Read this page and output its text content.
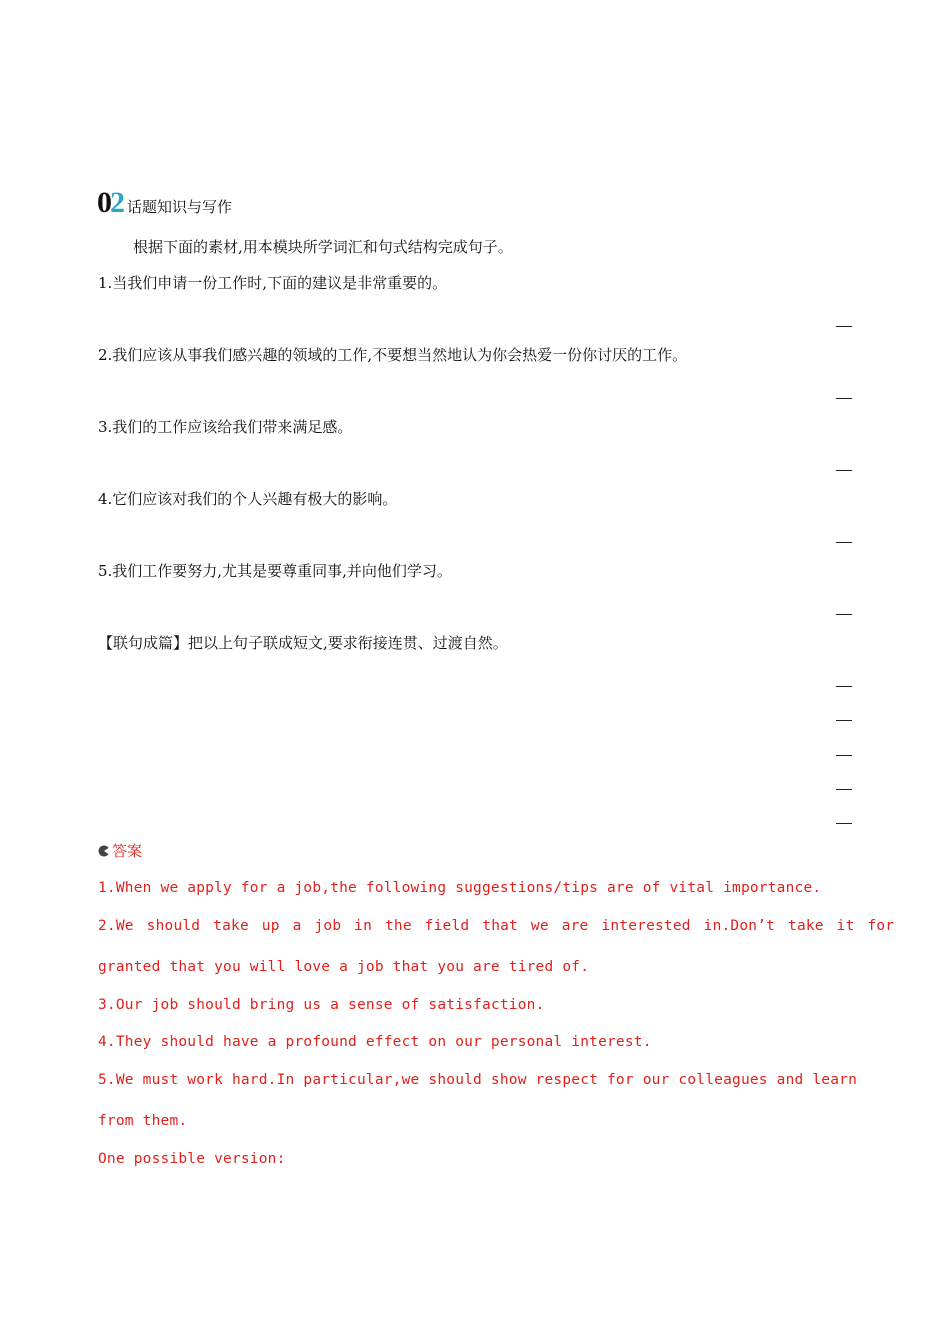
0 2 话题知识与写作
根据下面的素材,用本模块所学词汇和句式结构完成句子。
1.当我们申请一份工作时,下面的建议是非常重要的。
2.我们应该从事我们感兴趣的领域的工作,不要想当然地认为你会热爱一份你讨厌的工作。
3.我们的工作应该给我们带来满足感。
4.它们应该对我们的个人兴趣有极大的影响。
5.我们工作要努力,尤其是要尊重同事,并向他们学习。
【联句成篇】把以上句子联成短文,要求衔接连贯、过渡自然。
答案
1.When we apply for a job,the following suggestions/tips are of vital importance.
2.We should take up a job in the field that we are interested in.Don’t take it for
granted that you will love a job that you are tired of.
3.Our job should bring us a sense of satisfaction.
4.They should have a profound effect on our personal interest.
5.We must work hard.In particular,we should show respect for our colleagues and learn
from them.
One possible version:
